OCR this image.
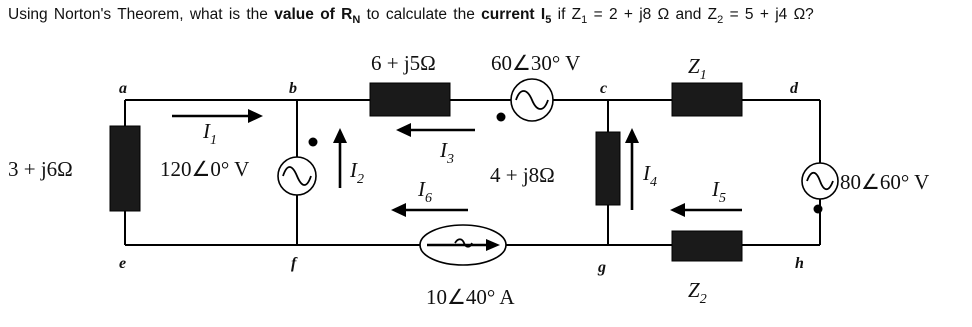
Using Norton's Theorem, what is the value of $R_N$ to calculate the current $I_5$ if $Z_1 = 2 + j8$ Ω and $Z_2 = 5 + j4$ Ω?
3 + j6Ω	120∠0° V
6 + j5Ω	60∠30° V
4 + j8Ω	80∠60° V
10∠40° A
$Z_1$
$Z_2$
$I_1$
$I_2$
$I_3$
$I_4$	$I_5$
$I_6$
a	b	c	d
e	f	g	h
